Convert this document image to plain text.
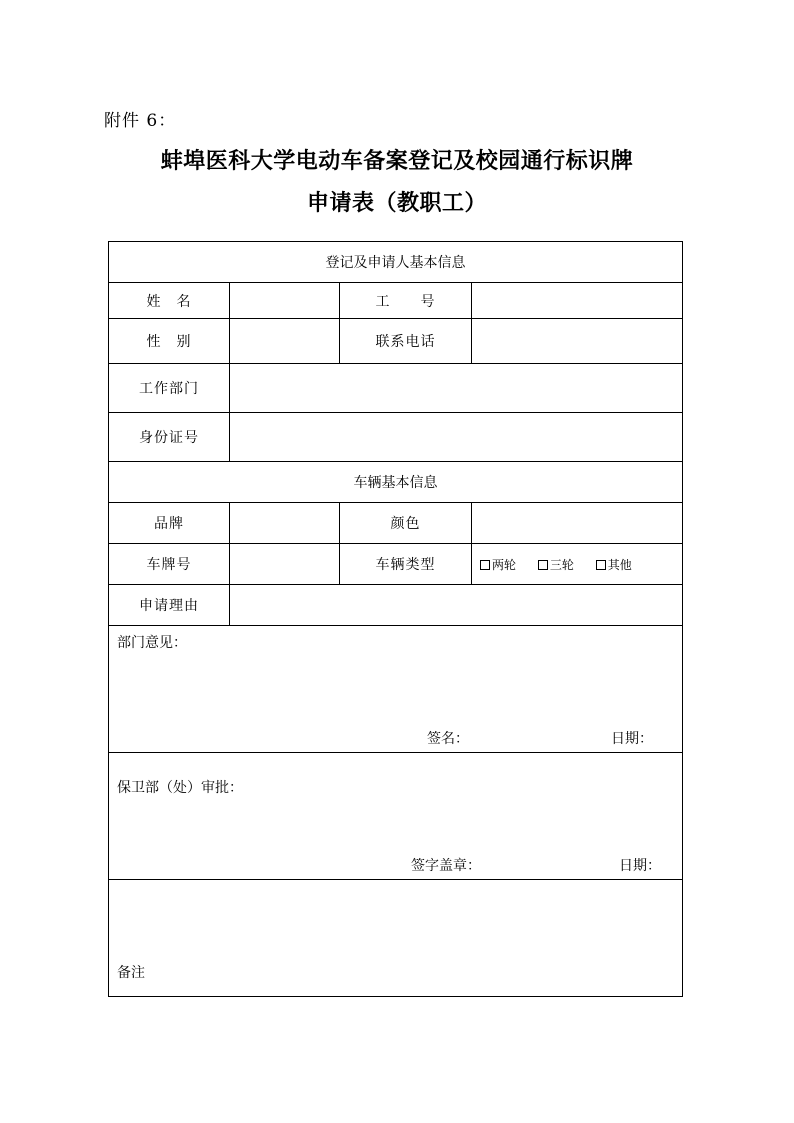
附件 6：
蚌埠医科大学电动车备案登记及校园通行标识牌
申请表（教职工）
登记及申请人基本信息			
姓　名		工　　号	
性　别		联系电话	
工作部门			
身份证号			
车辆基本信息			
品牌		颜色	
车牌号		车辆类型	两轮 三轮 其他
申请理由			

部门意见：
签名： 日期：			

保卫部（处）审批：
签字盖章： 日期：			

备注			
